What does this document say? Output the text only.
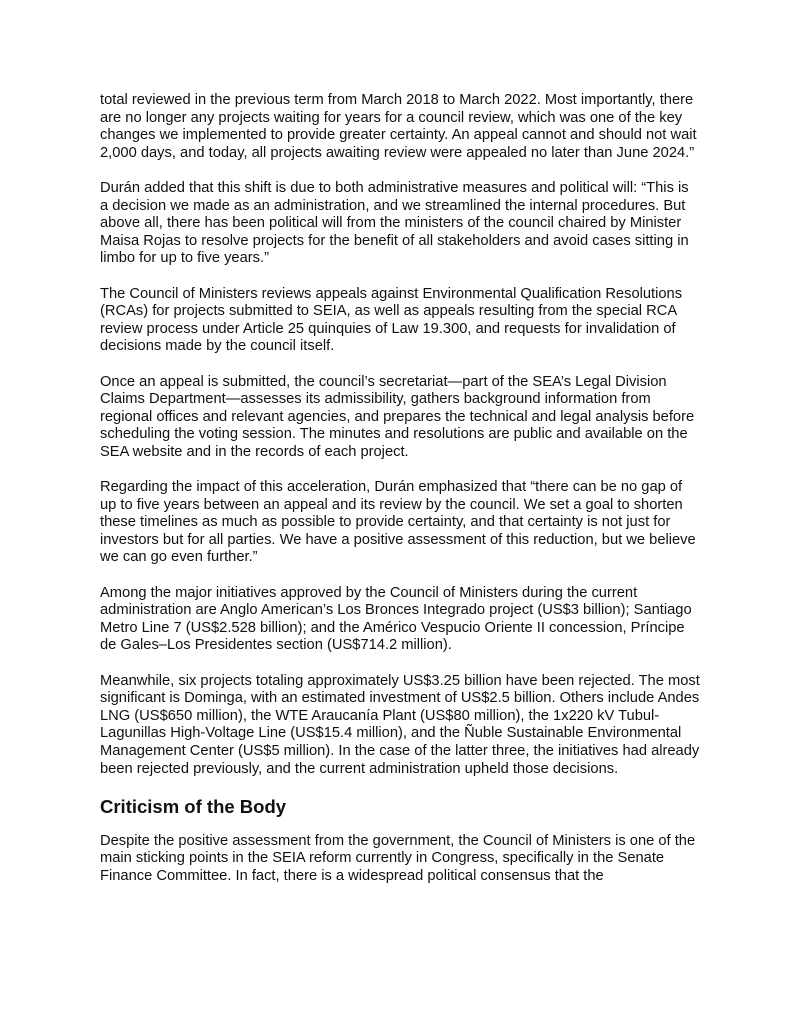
total reviewed in the previous term from March 2018 to March 2022. Most importantly, there are no longer any projects waiting for years for a council review, which was one of the key changes we implemented to provide greater certainty. An appeal cannot and should not wait 2,000 days, and today, all projects awaiting review were appealed no later than June 2024.”

Durán added that this shift is due to both administrative measures and political will: “This is a decision we made as an administration, and we streamlined the internal procedures. But above all, there has been political will from the ministers of the council chaired by Minister Maisa Rojas to resolve projects for the benefit of all stakeholders and avoid cases sitting in limbo for up to five years.”

The Council of Ministers reviews appeals against Environmental Qualification Resolutions (RCAs) for projects submitted to SEIA, as well as appeals resulting from the special RCA review process under Article 25 quinquies of Law 19.300, and requests for invalidation of decisions made by the council itself.

Once an appeal is submitted, the council’s secretariat—part of the SEA’s Legal Division Claims Department—assesses its admissibility, gathers background information from regional offices and relevant agencies, and prepares the technical and legal analysis before scheduling the voting session. The minutes and resolutions are public and available on the SEA website and in the records of each project.

Regarding the impact of this acceleration, Durán emphasized that “there can be no gap of up to five years between an appeal and its review by the council. We set a goal to shorten these timelines as much as possible to provide certainty, and that certainty is not just for investors but for all parties. We have a positive assessment of this reduction, but we believe we can go even further.”

Among the major initiatives approved by the Council of Ministers during the current administration are Anglo American’s Los Bronces Integrado project (US$3 billion); Santiago Metro Line 7 (US$2.528 billion); and the Américo Vespucio Oriente II concession, Príncipe de Gales–Los Presidentes section (US$714.2 million).

Meanwhile, six projects totaling approximately US$3.25 billion have been rejected. The most significant is Dominga, with an estimated investment of US$2.5 billion. Others include Andes LNG (US$650 million), the WTE Araucanía Plant (US$80 million), the 1x220 kV Tubul-Lagunillas High-Voltage Line (US$15.4 million), and the Ñuble Sustainable Environmental Management Center (US$5 million). In the case of the latter three, the initiatives had already been rejected previously, and the current administration upheld those decisions.

Criticism of the Body

Despite the positive assessment from the government, the Council of Ministers is one of the main sticking points in the SEIA reform currently in Congress, specifically in the Senate Finance Committee. In fact, there is a widespread political consensus that the
